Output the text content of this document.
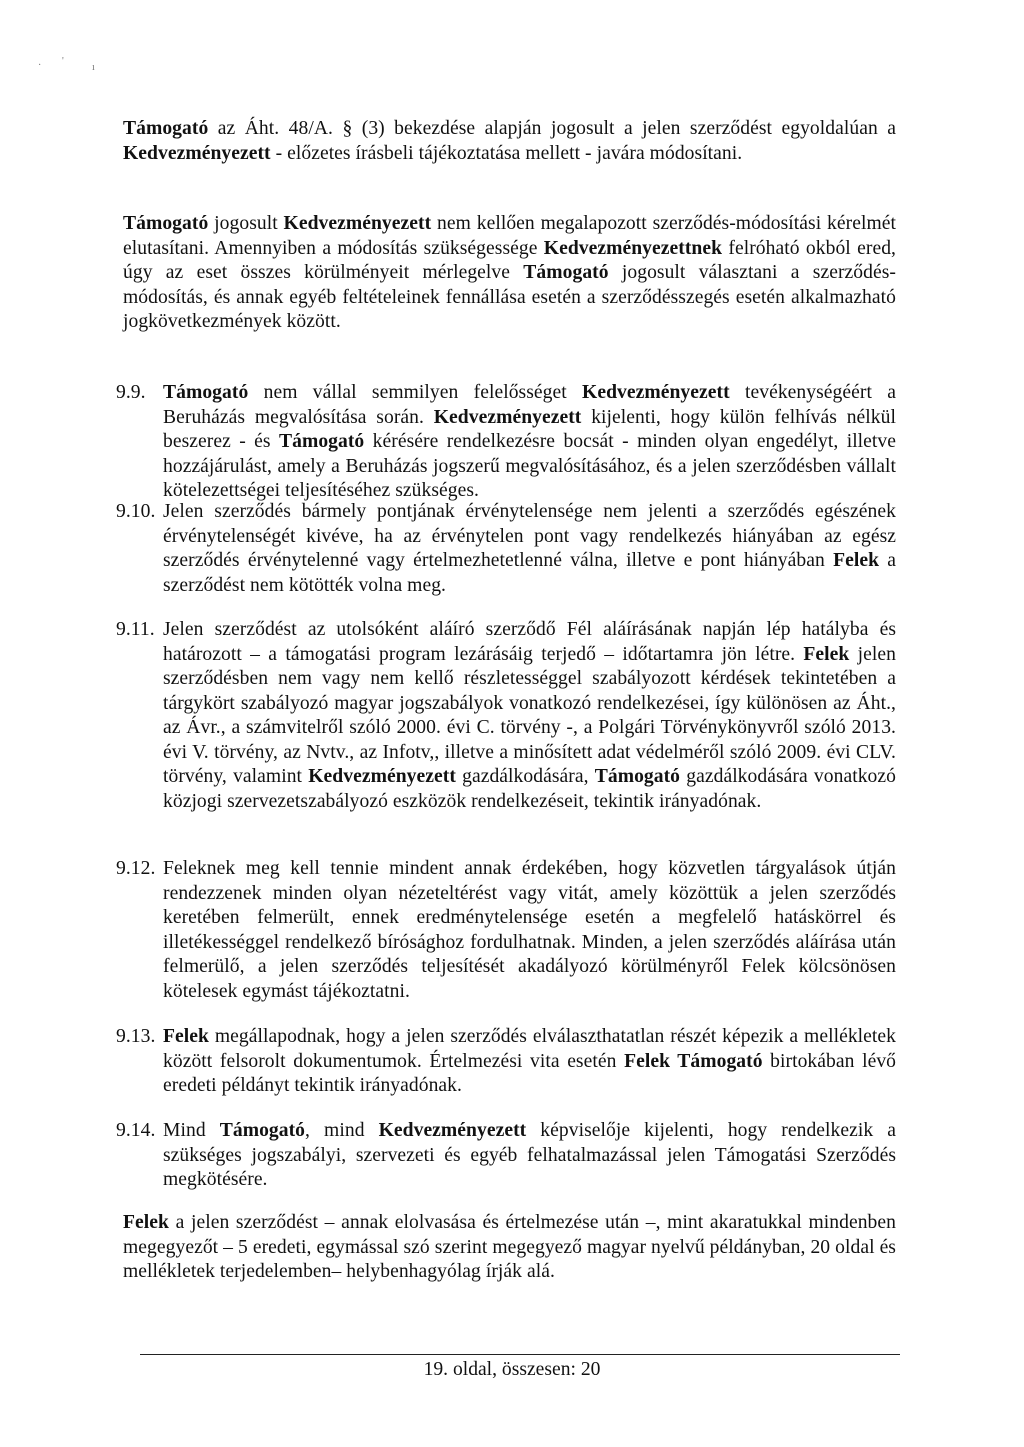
· '
ı

Támogató az Áht. 48/A. § (3) bekezdése alapján jogosult a jelen szerződést egyoldalúan a Kedvezményezett - előzetes írásbeli tájékoztatása mellett - javára módosítani.

Támogató jogosult Kedvezményezett nem kellően megalapozott szerződés-módosítási kérelmét elutasítani. Amennyiben a módosítás szükségessége Kedvezményezettnek felróható okból ered, úgy az eset összes körülményeit mérlegelve Támogató jogosult választani a szerződés-módosítás, és annak egyéb feltételeinek fennállása esetén a szerződésszegés esetén alkalmazható jogkövetkezmények között.

9.9. Támogató nem vállal semmilyen felelősséget Kedvezményezett tevékenységéért a Beruházás megvalósítása során. Kedvezményezett kijelenti, hogy külön felhívás nélkül beszerez - és Támogató kérésére rendelkezésre bocsát - minden olyan engedélyt, illetve hozzájárulást, amely a Beruházás jogszerű megvalósításához, és a jelen szerződésben vállalt kötelezettségei teljesítéséhez szükséges.
9.10. Jelen szerződés bármely pontjának érvénytelensége nem jelenti a szerződés egészének érvénytelenségét kivéve, ha az érvénytelen pont vagy rendelkezés hiányában az egész szerződés érvénytelenné vagy értelmezhetetlenné válna, illetve e pont hiányában Felek a szerződést nem kötötték volna meg.
9.11. Jelen szerződést az utolsóként aláíró szerződő Fél aláírásának napján lép hatályba és határozott – a támogatási program lezárásáig terjedő – időtartamra jön létre. Felek jelen szerződésben nem vagy nem kellő részletességgel szabályozott kérdések tekintetében a tárgykört szabályozó magyar jogszabályok vonatkozó rendelkezései, így különösen az Áht., az Ávr., a számvitelről szóló 2000. évi C. törvény -, a Polgári Törvénykönyvről szóló 2013. évi V. törvény, az Nvtv., az Infotv,, illetve a minősített adat védelméről szóló 2009. évi CLV. törvény, valamint Kedvezményezett gazdálkodására, Támogató gazdálkodására vonatkozó közjogi szervezetszabályozó eszközök rendelkezéseit, tekintik irányadónak.
9.12. Feleknek meg kell tennie mindent annak érdekében, hogy közvetlen tárgyalások útján rendezzenek minden olyan nézeteltérést vagy vitát, amely közöttük a jelen szerződés keretében felmerült, ennek eredménytelensége esetén a megfelelő hatáskörrel és illetékességgel rendelkező bírósághoz fordulhatnak. Minden, a jelen szerződés aláírása után felmerülő, a jelen szerződés teljesítését akadályozó körülményről Felek kölcsönösen kötelesek egymást tájékoztatni.
9.13. Felek megállapodnak, hogy a jelen szerződés elválaszthatatlan részét képezik a mellékletek között felsorolt dokumentumok. Értelmezési vita esetén Felek Támogató birtokában lévő eredeti példányt tekintik irányadónak.
9.14. Mind Támogató, mind Kedvezményezett képviselője kijelenti, hogy rendelkezik a szükséges jogszabályi, szervezeti és egyéb felhatalmazással jelen Támogatási Szerződés megkötésére.

Felek a jelen szerződést – annak elolvasása és értelmezése után –, mint akaratukkal mindenben megegyezőt – 5 eredeti, egymással szó szerint megegyező magyar nyelvű példányban, 20 oldal és mellékletek terjedelemben– helybenhagyólag írják alá.

19. oldal, összesen: 20
